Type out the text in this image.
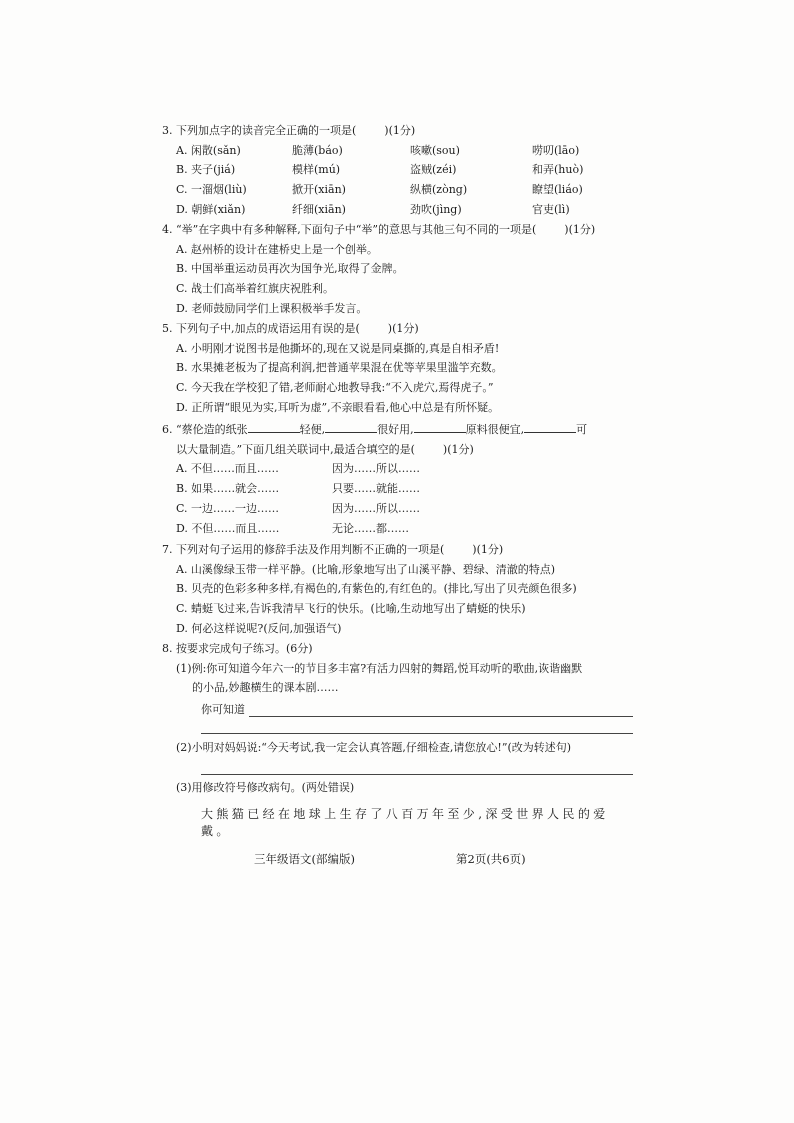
3. 下列加点字的读音完全正确的一项是(	)(1分)
A. 闲散(sǎn)	脆薄(báo)	咳嗽(sou)	唠叨(lāo)
B. 夹子(jiá)	模样(mú)	盗贼(zéi)	和弄(huò)
C. 一溜烟(liù)	掀开(xiān)	纵横(zòng)	瞭望(liáo)
D. 朝鲜(xiǎn)	纤细(xiān)	劲吹(jìng)	官吏(lì)
4. “举”在字典中有多种解释,下面句子中“举”的意思与其他三句不同的一项是(	)(1分)
A. 赵州桥的设计在建桥史上是一个创举。
B. 中国举重运动员再次为国争光,取得了金牌。
C. 战士们高举着红旗庆祝胜利。
D. 老师鼓励同学们上课积极举手发言。
5. 下列句子中,加点的成语运用有误的是(	)(1分)
A. 小明刚才说图书是他撕坏的,现在又说是同桌撕的,真是自相矛盾!
B. 水果摊老板为了提高利润,把普通苹果混在优等苹果里滥竽充数。
C. 今天我在学校犯了错,老师耐心地教导我:“不入虎穴,焉得虎子。”
D. 正所谓“眼见为实,耳听为虚”,不亲眼看看,他心中总是有所怀疑。
6. “蔡伦造的纸张	轻便,	很好用,	原料很便宜,	可
以大量制造。”下面几组关联词中,最适合填空的是(	)(1分)
A. 不但……而且……	因为……所以……
B. 如果……就会……	只要……就能……
C. 一边……一边……	因为……所以……
D. 不但……而且……	无论……都……
7. 下列对句子运用的修辞手法及作用判断不正确的一项是(	)(1分)
A. 山溪像绿玉带一样平静。(比喻,形象地写出了山溪平静、碧绿、清澈的特点)
B. 贝壳的色彩多种多样,有褐色的,有紫色的,有红色的。(排比,写出了贝壳颜色很多)
C. 蜻蜓飞过来,告诉我清早飞行的快乐。(比喻,生动地写出了蜻蜓的快乐)
D. 何必这样说呢?(反问,加强语气)
8. 按要求完成句子练习。(6分)
(1)例:你可知道今年六一的节目多丰富?有活力四射的舞蹈,悦耳动听的歌曲,诙谐幽默
的小品,妙趣横生的课本剧……
你可知道
(2)小明对妈妈说:“今天考试,我一定会认真答题,仔细检查,请您放心!”(改为转述句)
(3)用修改符号修改病句。(两处错误)
大熊猫已经在地球上生存了八百万年至少,深受世界人民的爱戴。
三年级语文(部编版)	第2页(共6页)
